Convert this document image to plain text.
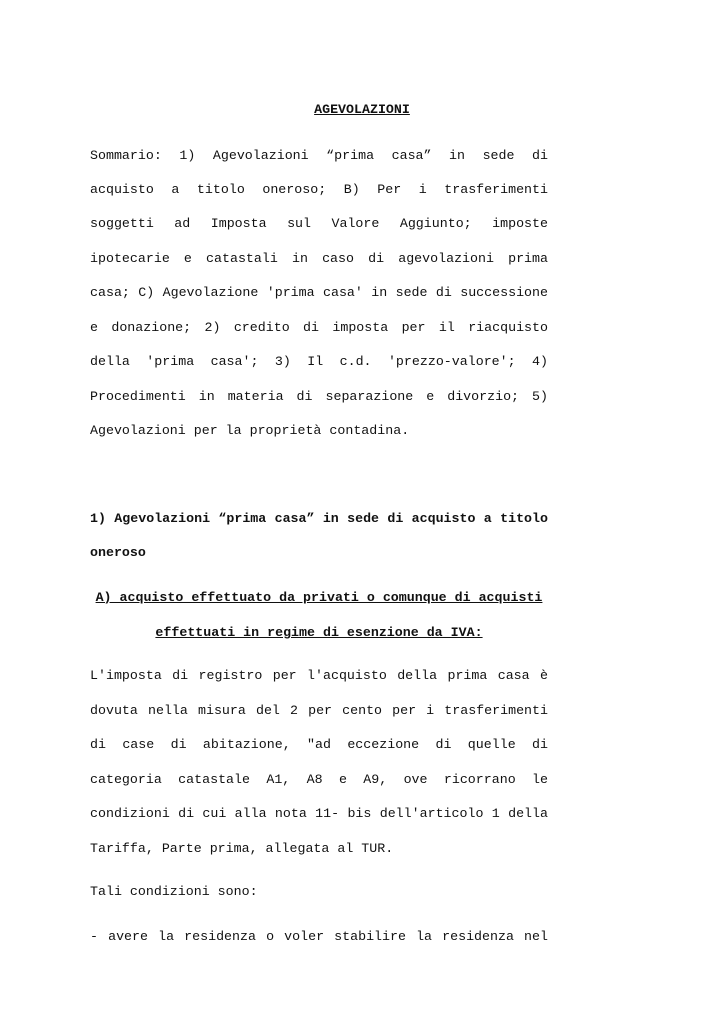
AGEVOLAZIONI
Sommario: 1) Agevolazioni “prima casa” in sede di
acquisto a titolo oneroso; B) Per i trasferimenti
soggetti ad Imposta sul Valore Aggiunto; imposte
ipotecarie e catastali in caso di agevolazioni prima
casa; C) Agevolazione 'prima casa' in sede di successione
e donazione; 2) credito di imposta per il riacquisto
della 'prima casa'; 3) Il c.d. 'prezzo-valore'; 4)
Procedimenti in materia di separazione e divorzio; 5)
Agevolazioni per la proprietà contadina.
1) Agevolazioni “prima casa” in sede di acquisto a titolo
oneroso
A) acquisto effettuato da privati o comunque di acquisti
effettuati in regime di esenzione da IVA:
L'imposta di registro per l'acquisto della prima casa è
dovuta nella misura del 2 per cento per i trasferimenti
di case di abitazione, "ad eccezione di quelle di
categoria catastale A1, A8 e A9, ove ricorrano le
condizioni di cui alla nota 11- bis dell'articolo 1 della
Tariffa, Parte prima, allegata al TUR.
Tali condizioni sono:
- avere la residenza o voler stabilire la residenza nel
